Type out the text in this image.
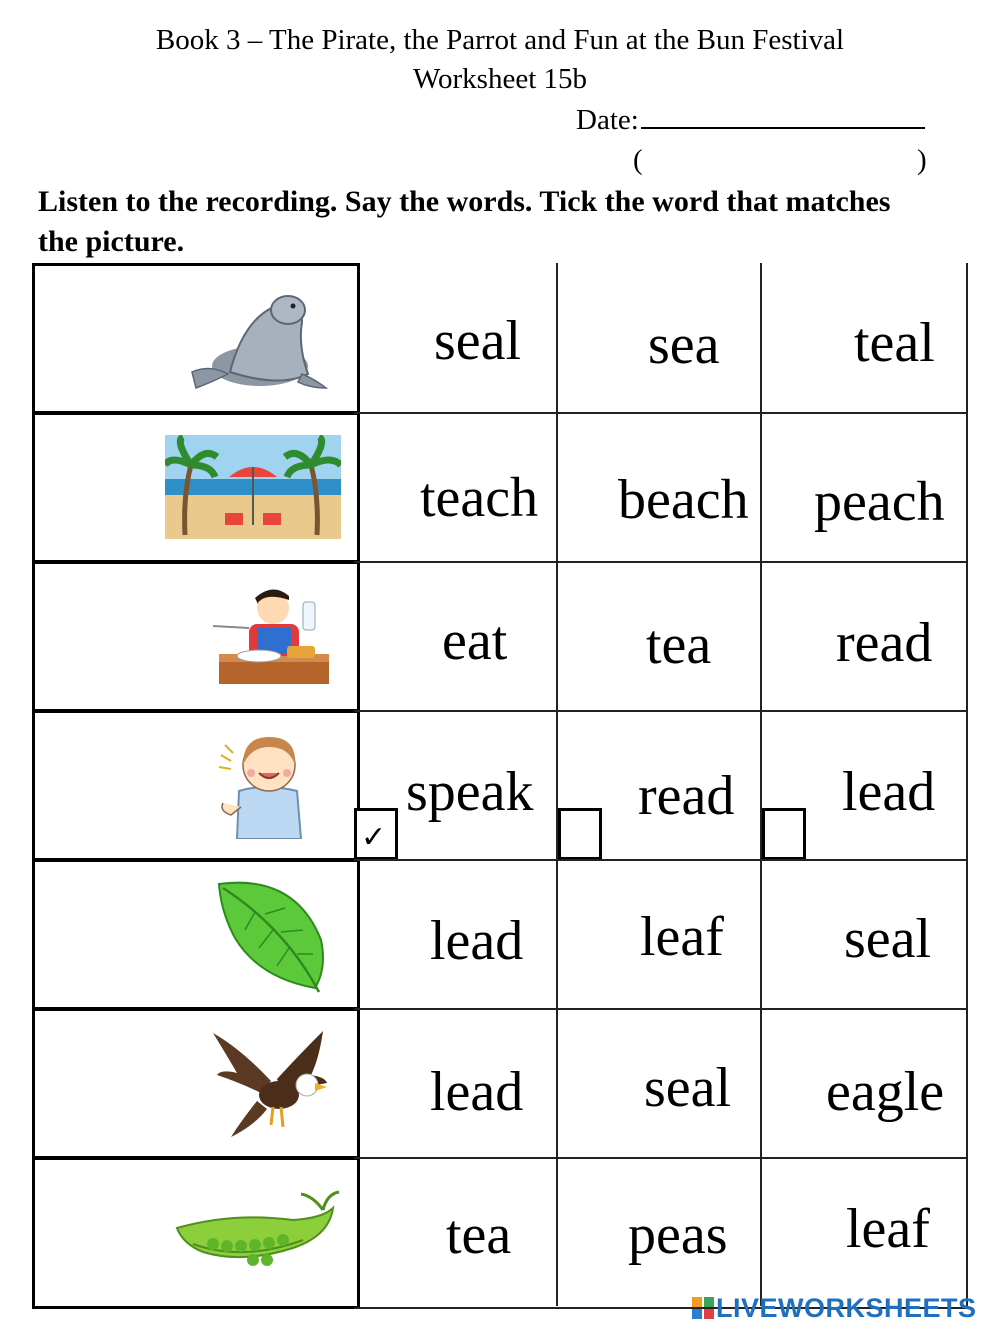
Book 3 – The Pirate, the Parrot and Fun at the Bun Festival
Worksheet 15b
Date:
(	)
Listen to the recording. Say the words. Tick the word that matches the picture.
seal sea teal
teach beach peach
eat tea read
speak
✓
read lead
lead leaf seal
lead seal eagle
tea peas leaf
LIVEWORKSHEETS
